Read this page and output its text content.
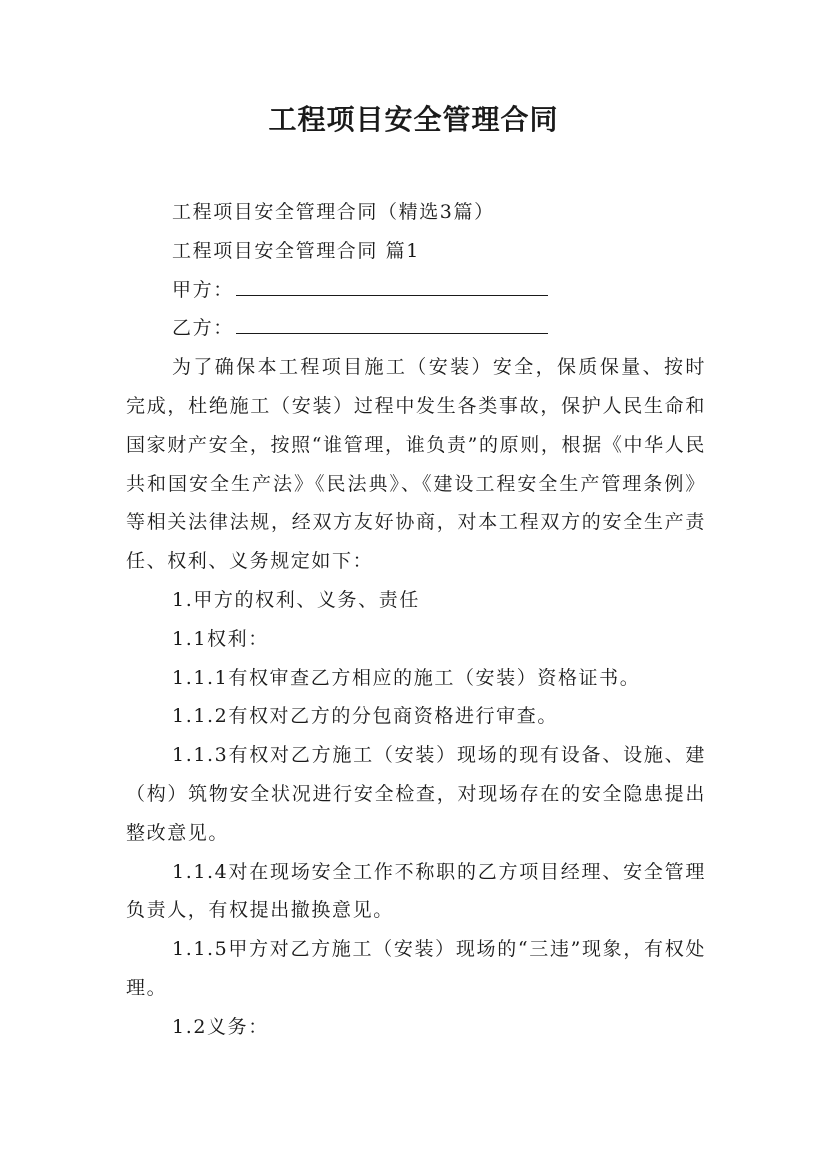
工程项目安全管理合同

工程项目安全管理合同（精选3篇）

工程项目安全管理合同 篇1

甲方：

乙方：

为了确保本工程项目施工（安装）安全，保质保量、按时完成，杜绝施工（安装）过程中发生各类事故，保护人民生命和国家财产安全，按照“谁管理，谁负责”的原则，根据《中华人民共和国安全生产法》《民法典》、《建设工程安全生产管理条例》等相关法律法规，经双方友好协商，对本工程双方的安全生产责任、权利、义务规定如下：

1.甲方的权利、义务、责任

1.1权利：

1.1.1有权审查乙方相应的施工（安装）资格证书。

1.1.2有权对乙方的分包商资格进行审查。

1.1.3有权对乙方施工（安装）现场的现有设备、设施、建（构）筑物安全状况进行安全检查，对现场存在的安全隐患提出整改意见。

1.1.4对在现场安全工作不称职的乙方项目经理、安全管理负责人，有权提出撤换意见。

1.1.5甲方对乙方施工（安装）现场的“三违”现象，有权处理。

1.2义务：
